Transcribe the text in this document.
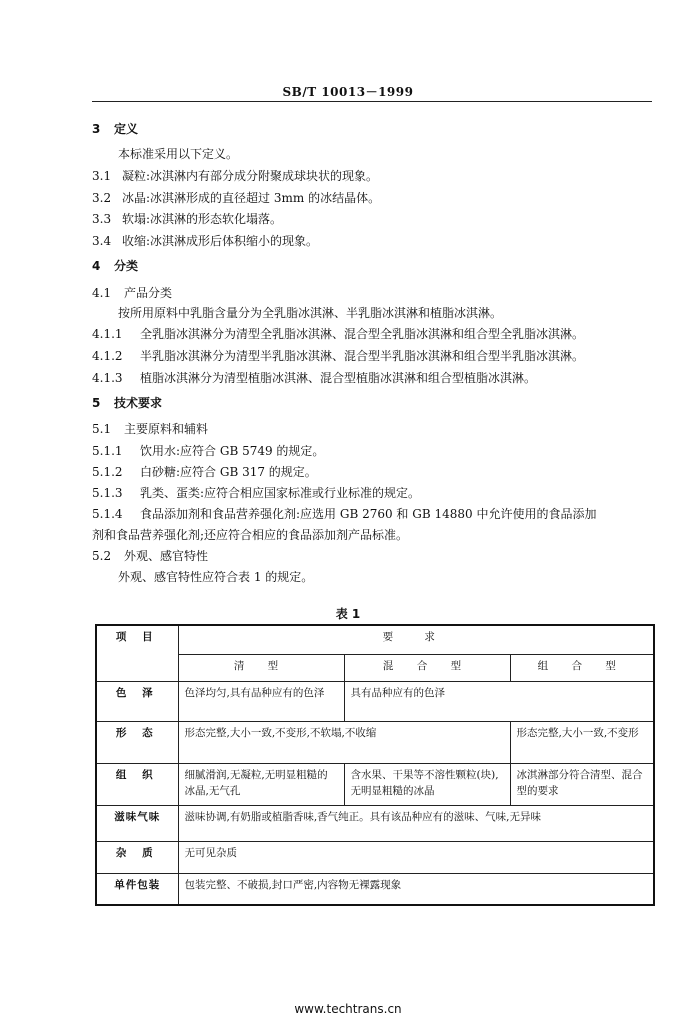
SB/T 10013－1999
3 定义
本标准采用以下定义。
3.1 凝粒:冰淇淋内有部分成分附聚成球块状的现象。
3.2 冰晶:冰淇淋形成的直径超过 3mm 的冰结晶体。
3.3 软塌:冰淇淋的形态软化塌落。
3.4 收缩:冰淇淋成形后体积缩小的现象。
4 分类
4.1 产品分类
按所用原料中乳脂含量分为全乳脂冰淇淋、半乳脂冰淇淋和植脂冰淇淋。
4.1.1 全乳脂冰淇淋分为清型全乳脂冰淇淋、混合型全乳脂冰淇淋和组合型全乳脂冰淇淋。
4.1.2 半乳脂冰淇淋分为清型半乳脂冰淇淋、混合型半乳脂冰淇淋和组合型半乳脂冰淇淋。
4.1.3 植脂冰淇淋分为清型植脂冰淇淋、混合型植脂冰淇淋和组合型植脂冰淇淋。
5 技术要求
5.1 主要原料和辅料
5.1.1 饮用水:应符合 GB 5749 的规定。
5.1.2 白砂糖:应符合 GB 317 的规定。
5.1.3 乳类、蛋类:应符合相应国家标准或行业标准的规定。
5.1.4 食品添加剂和食品营养强化剂:应选用 GB 2760 和 GB 14880 中允许使用的食品添加
剂和食品营养强化剂;还应符合相应的食品添加剂产品标准。
5.2 外观、感官特性
外观、感官特性应符合表 1 的规定。
表 1
项 目	要 求		
	清 型	混 合 型	组 合 型
色 泽	色泽均匀,具有品种应有的色泽	具有品种应有的色泽	
形 态	形态完整,大小一致,不变形,不软塌,不收缩		形态完整,大小一致,不变形
组 织	细腻滑润,无凝粒,无明显粗糙的冰晶,无气孔	含水果、干果等不溶性颗粒(块),无明显粗糙的冰晶	冰淇淋部分符合清型、混合型的要求
滋味气味	滋味协调,有奶脂或植脂香味,香气纯正。具有该品种应有的滋味、气味,无异味		
杂 质	无可见杂质		
单件包装	包装完整、不破损,封口严密,内容物无裸露现象		
www.techtrans.cn
